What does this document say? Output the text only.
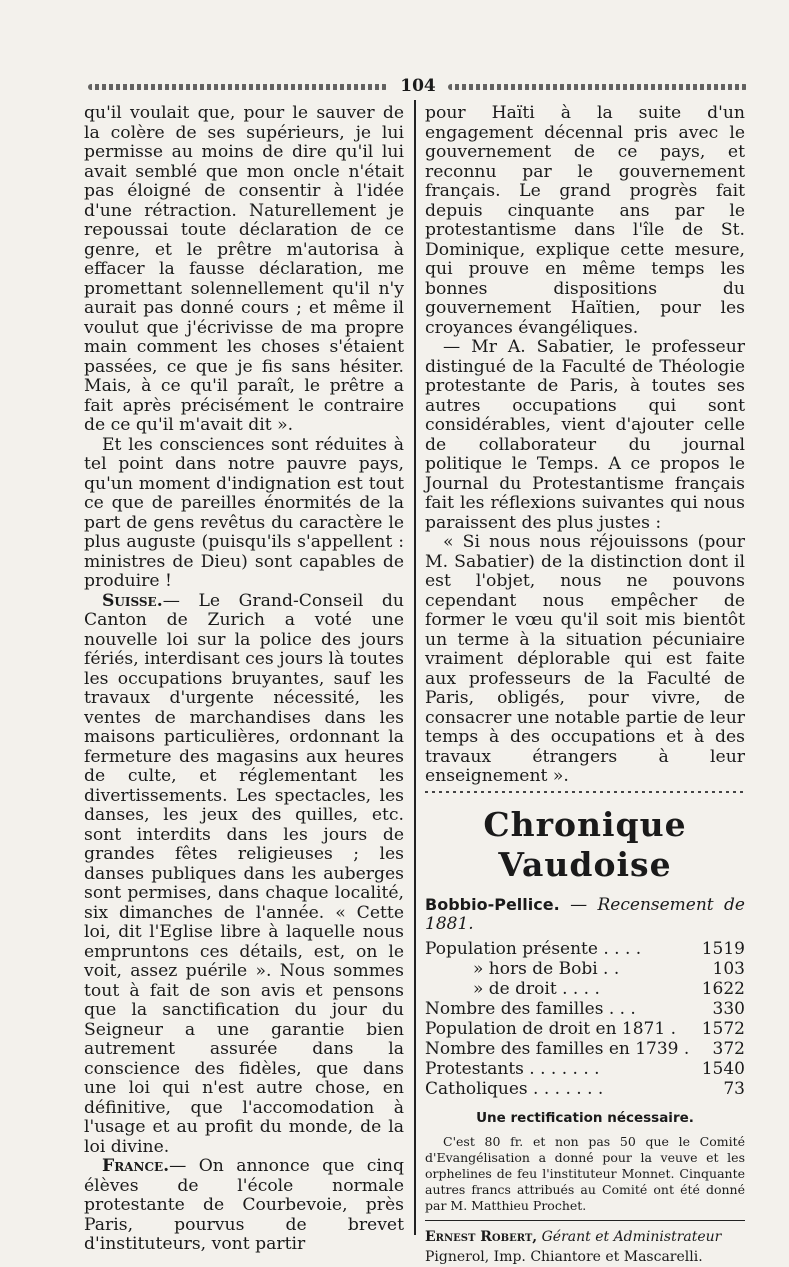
104

qu'il voulait que, pour le sauver de la colère de ses supérieurs, je lui permisse au moins de dire qu'il lui avait semblé que mon oncle n'était pas éloigné de consentir à l'idée d'une rétraction. Naturellement je repoussai toute déclaration de ce genre, et le prêtre m'autorisa à effacer la fausse déclaration, me promettant solennellement qu'il n'y aurait pas donné cours ; et même il voulut que j'écrivisse de ma propre main comment les choses s'étaient passées, ce que je fis sans hésiter. Mais, à ce qu'il paraît, le prêtre a fait après précisément le contraire de ce qu'il m'avait dit ».

Et les consciences sont réduites à tel point dans notre pauvre pays, qu'un moment d'indignation est tout ce que de pareilles énormités de la part de gens revêtus du caractère le plus auguste (puisqu'ils s'appellent : ministres de Dieu) sont capables de produire !

Suisse.— Le Grand-Conseil du Canton de Zurich a voté une nouvelle loi sur la police des jours fériés, interdisant ces jours là toutes les occupations bruyantes, sauf les travaux d'urgente nécessité, les ventes de marchandises dans les maisons particulières, ordonnant la fermeture des magasins aux heures de culte, et réglementant les divertissements. Les spectacles, les danses, les jeux des quilles, etc. sont interdits dans les jours de grandes fêtes religieuses ; les danses publiques dans les auberges sont permises, dans chaque localité, six dimanches de l'année. « Cette loi, dit l'Eglise libre à laquelle nous empruntons ces détails, est, on le voit, assez puérile ». Nous sommes tout à fait de son avis et pensons que la sanctification du jour du Seigneur a une garantie bien autrement assurée dans la conscience des fidèles, que dans une loi qui n'est autre chose, en définitive, que l'accomodation à l'usage et au profit du monde, de la loi divine.

France.— On annonce que cinq élèves de l'école normale protestante de Courbevoie, près Paris, pourvus de brevet d'instituteurs, vont partir

pour Haïti à la suite d'un engagement décennal pris avec le gouvernement de ce pays, et reconnu par le gouvernement français. Le grand progrès fait depuis cinquante ans par le protestantisme dans l'île de St. Dominique, explique cette mesure, qui prouve en même temps les bonnes dispositions du gouvernement Haïtien, pour les croyances évangéliques.

— Mr A. Sabatier, le professeur distingué de la Faculté de Théologie protestante de Paris, à toutes ses autres occupations qui sont considérables, vient d'ajouter celle de collaborateur du journal politique le Temps. A ce propos le Journal du Protestantisme français fait les réflexions suivantes qui nous paraissent des plus justes :

« Si nous nous réjouissons (pour M. Sabatier) de la distinction dont il est l'objet, nous ne pouvons cependant nous empêcher de former le vœu qu'il soit mis bientôt un terme à la situation pécuniaire vraiment déplorable qui est faite aux professeurs de la Faculté de Paris, obligés, pour vivre, de consacrer une notable partie de leur temps à des occupations et à des travaux étrangers à leur enseignement ».

Chronique Vaudoise
Bobbio-Pellice. — Recensement de 1881.
Population présente . . . .	1519
» hors de Bobi . .	103
» de droit . . . .	1622
Nombre des familles . . .	330
Population de droit en 1871 .	1572
Nombre des familles en 1739 .	372
Protestants . . . . . . .	1540
Catholiques . . . . . . .	73
Une rectification nécessaire.

C'est 80 fr. et non pas 50 que le Comité d'Evangélisation a donné pour la veuve et les orphelines de feu l'instituteur Monnet. Cinquante autres francs attribués au Comité ont été donné par M. Matthieu Prochet.

Ernest Robert, Gérant et Administrateur
Pignerol, Imp. Chiantore et Mascarelli.
